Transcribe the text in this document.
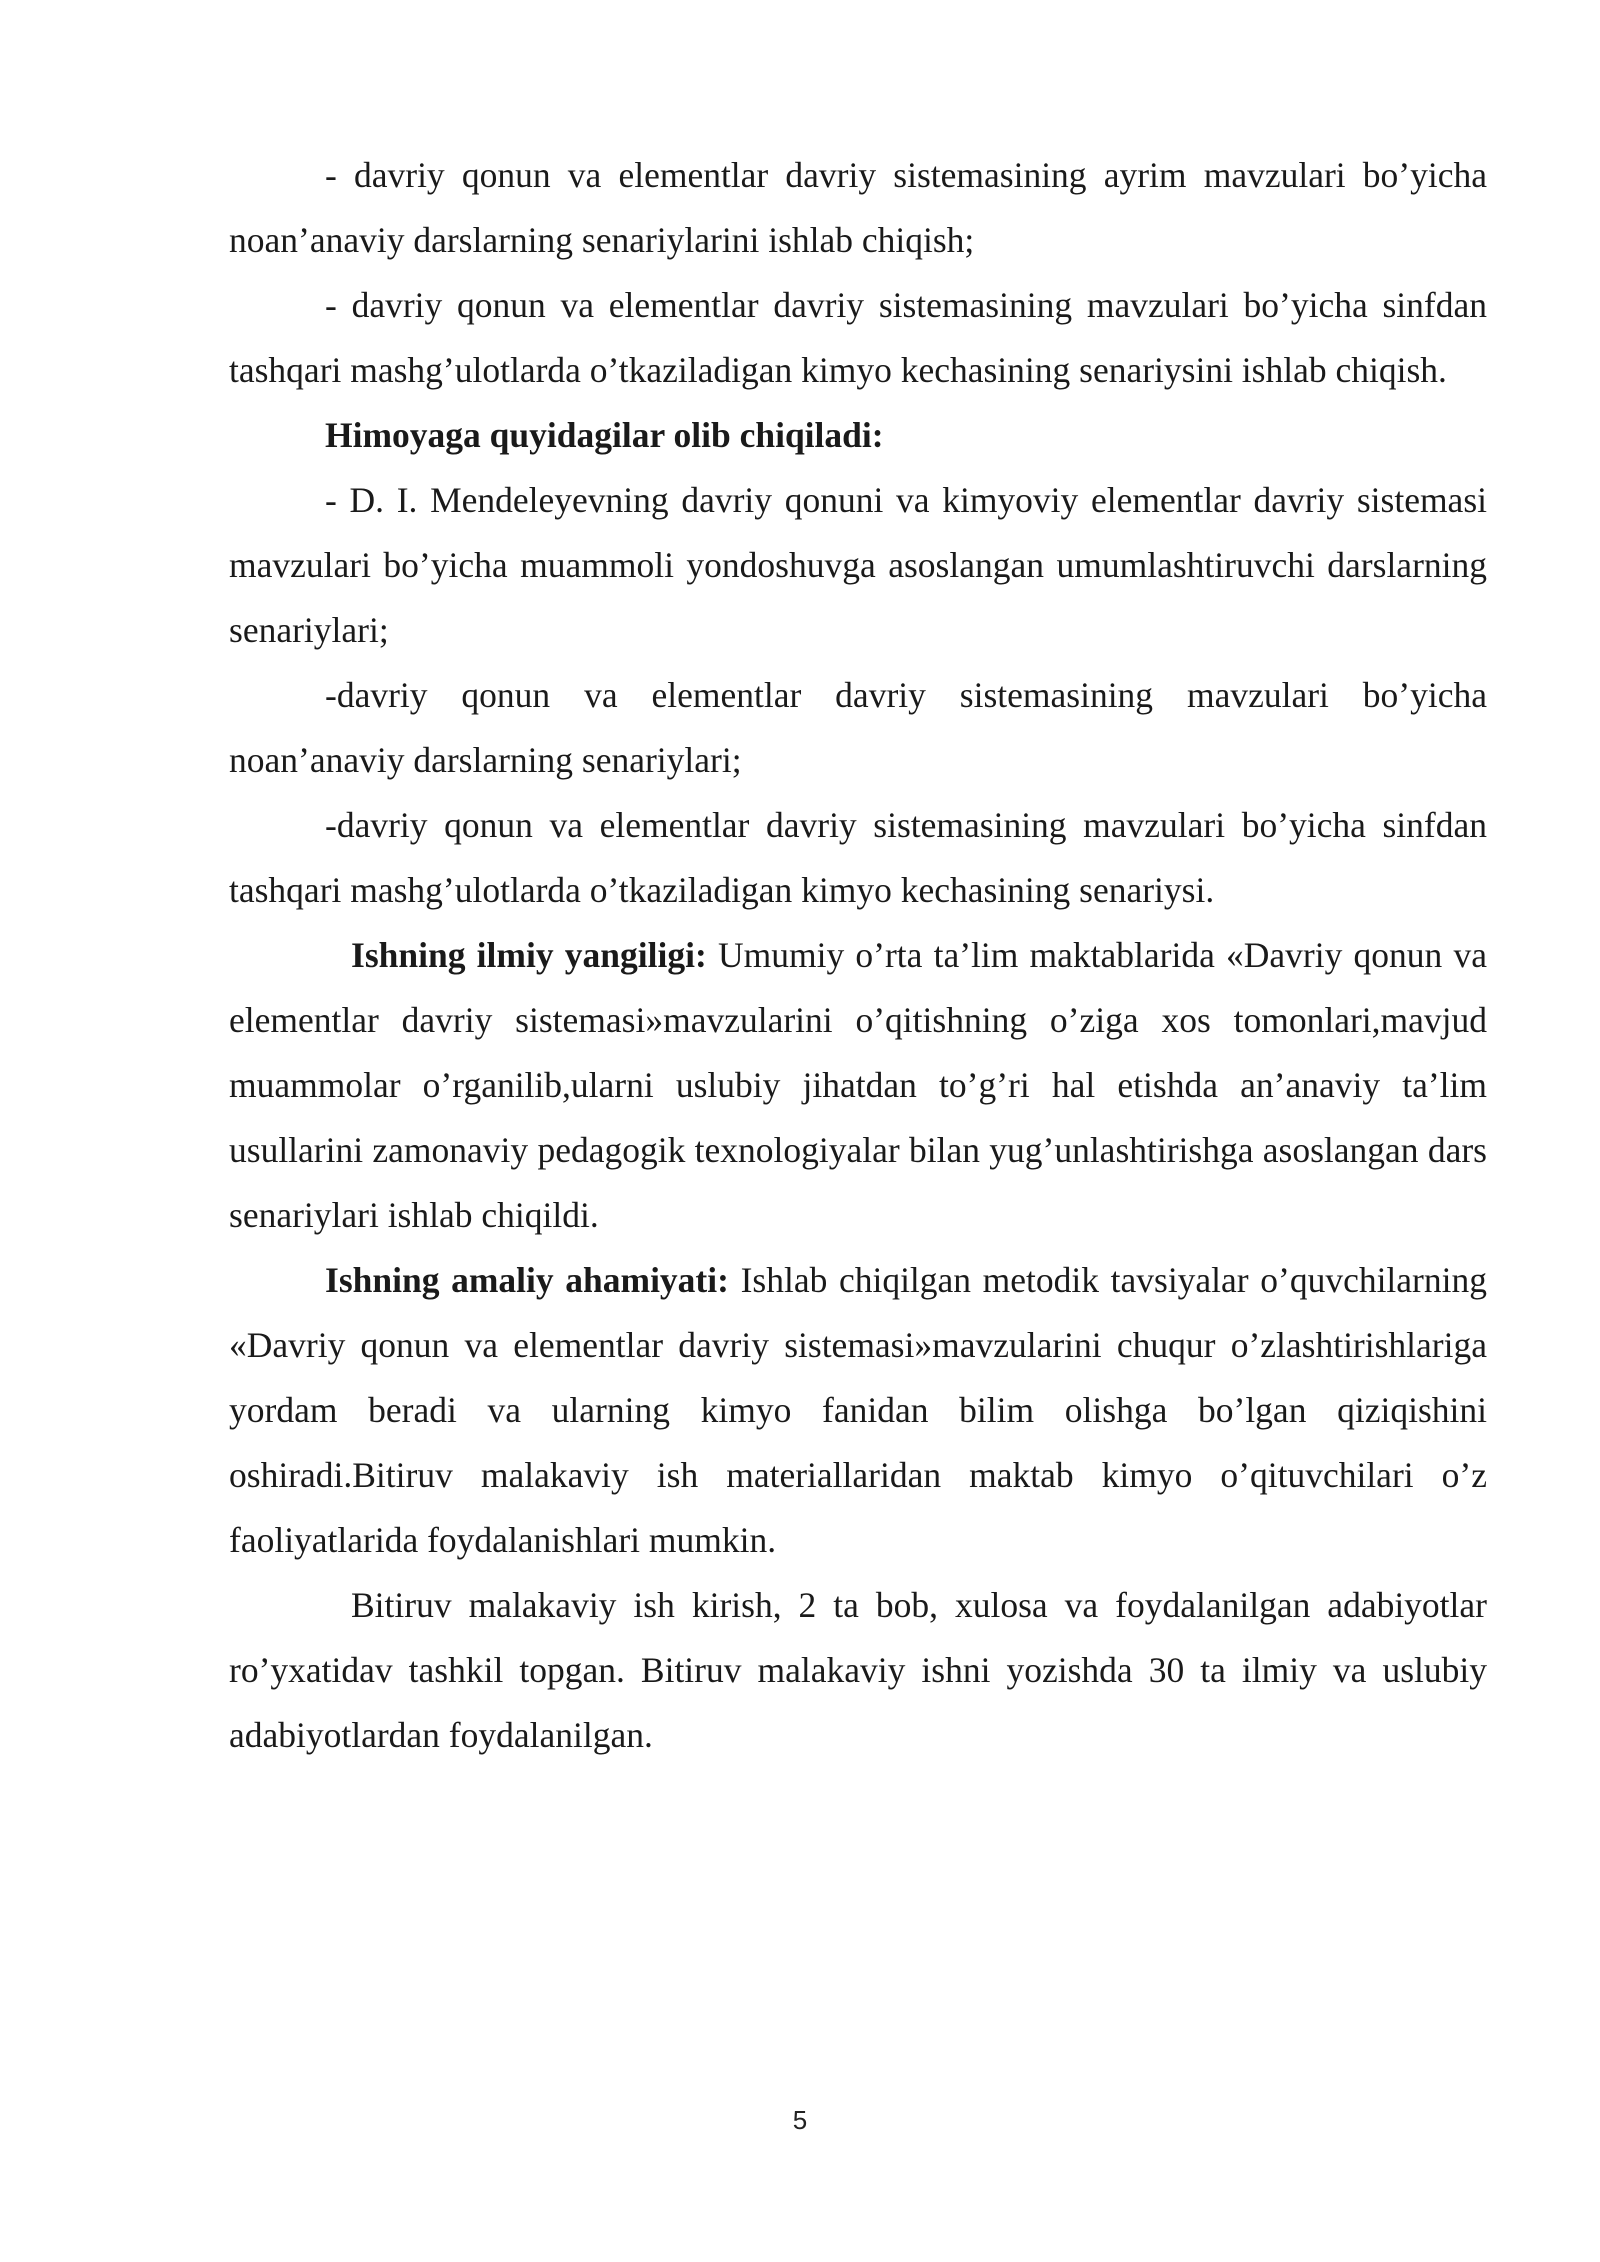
- davriy qonun va elementlar davriy sistemasining ayrim mavzulari bo’yicha noan’anaviy darslarning senariylarini ishlab chiqish;

- davriy qonun va elementlar davriy sistemasining mavzulari bo’yicha sinfdan tashqari mashg’ulotlarda o’tkaziladigan kimyo kechasining senariysini ishlab chiqish.

Himoyaga quyidagilar olib chiqiladi:

- D. I. Mendeleyevning davriy qonuni va kimyoviy elementlar davriy sistemasi mavzulari bo’yicha muammoli yondoshuvga asoslangan umumlashtiruvchi darslarning senariylari;

-davriy qonun va elementlar davriy sistemasining mavzulari bo’yicha noan’anaviy darslarning senariylari;

-davriy qonun va elementlar davriy sistemasining mavzulari bo’yicha sinfdan tashqari mashg’ulotlarda o’tkaziladigan kimyo kechasining senariysi.

Ishning ilmiy yangiligi: Umumiy o’rta ta’lim maktablarida «Davriy qonun va elementlar davriy sistemasi»mavzularini o’qitishning o’ziga xos tomonlari,mavjud muammolar o’rganilib,ularni uslubiy jihatdan to’g’ri hal etishda an’anaviy ta’lim usullarini zamonaviy pedagogik texnologiyalar bilan yug’unlashtirishga asoslangan dars senariylari ishlab chiqildi.

Ishning amaliy ahamiyati: Ishlab chiqilgan metodik tavsiyalar o’quvchilarning «Davriy qonun va elementlar davriy sistemasi»mavzularini chuqur o’zlashtirishlariga yordam beradi va ularning kimyo fanidan bilim olishga bo’lgan qiziqishini oshiradi.Bitiruv malakaviy ish materiallaridan maktab kimyo o’qituvchilari o’z faoliyatlarida foydalanishlari mumkin.

Bitiruv malakaviy ish kirish, 2 ta bob, xulosa va foydalanilgan adabiyotlar ro’yxatidav tashkil topgan. Bitiruv malakaviy ishni yozishda 30 ta ilmiy va uslubiy adabiyotlardan foydalanilgan.

5
